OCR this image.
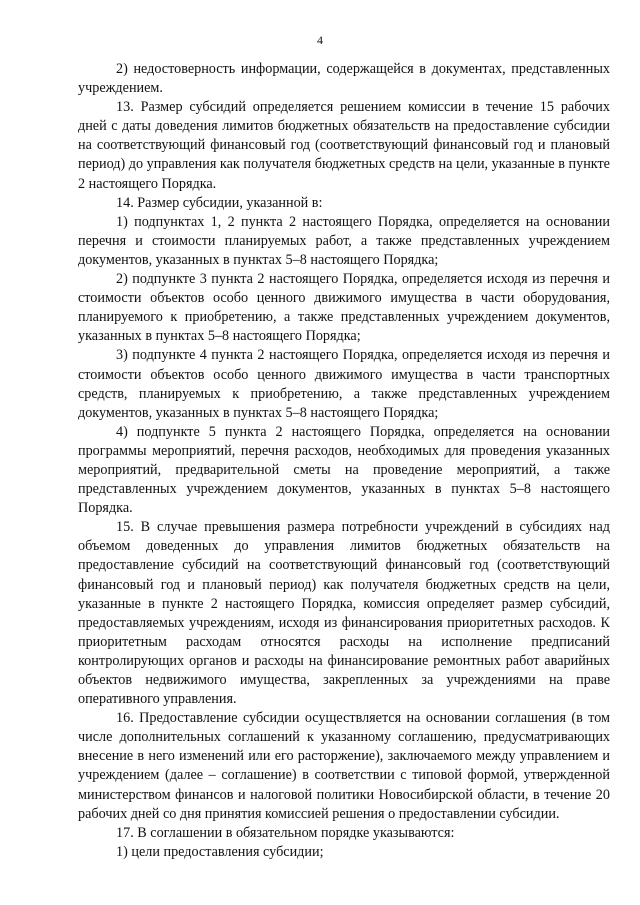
4

2) недостоверность информации, содержащейся в документах, представленных учреждением.

13. Размер субсидий определяется решением комиссии в течение 15 рабочих дней с даты доведения лимитов бюджетных обязательств на предоставление субсидии на соответствующий финансовый год (соответствующий финансовый год и плановый период) до управления как получателя бюджетных средств на цели, указанные в пункте 2 настоящего Порядка.

14. Размер субсидии, указанной в:

1) подпунктах 1, 2 пункта 2 настоящего Порядка, определяется на основании перечня и стоимости планируемых работ, а также представленных учреждением документов, указанных в пунктах 5–8 настоящего Порядка;

2) подпункте 3 пункта 2 настоящего Порядка, определяется исходя из перечня и стоимости объектов особо ценного движимого имущества в части оборудования, планируемого к приобретению, а также представленных учреждением документов, указанных в пунктах 5–8 настоящего Порядка;

3) подпункте 4 пункта 2 настоящего Порядка, определяется исходя из перечня и стоимости объектов особо ценного движимого имущества в части транспортных средств, планируемых к приобретению, а также представленных учреждением документов, указанных в пунктах 5–8 настоящего Порядка;

4) подпункте 5 пункта 2 настоящего Порядка, определяется на основании программы мероприятий, перечня расходов, необходимых для проведения указанных мероприятий, предварительной сметы на проведение мероприятий, а также представленных учреждением документов, указанных в пунктах 5–8 настоящего Порядка.

15. В случае превышения размера потребности учреждений в субсидиях над объемом доведенных до управления лимитов бюджетных обязательств на предоставление субсидий на соответствующий финансовый год (соответствующий финансовый год и плановый период) как получателя бюджетных средств на цели, указанные в пункте 2 настоящего Порядка, комиссия определяет размер субсидий, предоставляемых учреждениям, исходя из финансирования приоритетных расходов. К приоритетным расходам относятся расходы на исполнение предписаний контролирующих органов и расходы на финансирование ремонтных работ аварийных объектов недвижимого имущества, закрепленных за учреждениями на праве оперативного управления.

16. Предоставление субсидии осуществляется на основании соглашения (в том числе дополнительных соглашений к указанному соглашению, предусматривающих внесение в него изменений или его расторжение), заключаемого между управлением и учреждением (далее – соглашение) в соответствии с типовой формой, утвержденной министерством финансов и налоговой политики Новосибирской области, в течение 20 рабочих дней со дня принятия комиссией решения о предоставлении субсидии.

17. В соглашении в обязательном порядке указываются:

1) цели предоставления субсидии;
